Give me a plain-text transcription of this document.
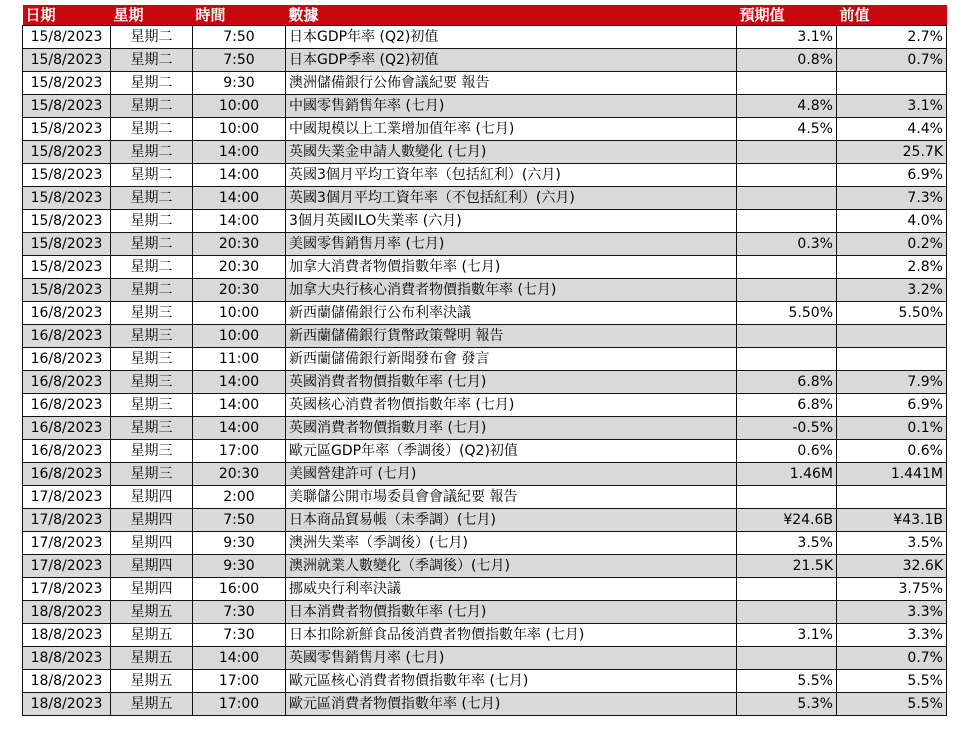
日期	星期	時間	數據	預期值	前值
15/8/2023	星期二	7:50	日本GDP年率 (Q2)初值	3.1%	2.7%
15/8/2023	星期二	7:50	日本GDP季率 (Q2)初值	0.8%	0.7%
15/8/2023	星期二	9:30	澳洲儲備銀行公佈會議紀要 報告		
15/8/2023	星期二	10:00	中國零售銷售年率 (七月)	4.8%	3.1%
15/8/2023	星期二	10:00	中國規模以上工業增加值年率 (七月)	4.5%	4.4%
15/8/2023	星期二	14:00	英國失業金申請人數變化 (七月)		25.7K
15/8/2023	星期二	14:00	英國3個月平均工資年率（包括紅利）(六月)		6.9%
15/8/2023	星期二	14:00	英國3個月平均工資年率（不包括紅利）(六月)		7.3%
15/8/2023	星期二	14:00	3個月英國ILO失業率 (六月)		4.0%
15/8/2023	星期二	20:30	美國零售銷售月率 (七月)	0.3%	0.2%
15/8/2023	星期二	20:30	加拿大消費者物價指數年率 (七月)		2.8%
15/8/2023	星期二	20:30	加拿大央行核心消費者物價指數年率 (七月)		3.2%
16/8/2023	星期三	10:00	新西蘭儲備銀行公布利率決議	5.50%	5.50%
16/8/2023	星期三	10:00	新西蘭儲備銀行貨幣政策聲明 報告		
16/8/2023	星期三	11:00	新西蘭儲備銀行新聞發布會 發言		
16/8/2023	星期三	14:00	英國消費者物價指數年率 (七月)	6.8%	7.9%
16/8/2023	星期三	14:00	英國核心消費者物價指數年率 (七月)	6.8%	6.9%
16/8/2023	星期三	14:00	英國消費者物價指數月率 (七月)	-0.5%	0.1%
16/8/2023	星期三	17:00	歐元區GDP年率（季調後）(Q2)初值	0.6%	0.6%
16/8/2023	星期三	20:30	美國營建許可 (七月)	1.46M	1.441M
17/8/2023	星期四	2:00	美聯儲公開市場委員會會議紀要 報告		
17/8/2023	星期四	7:50	日本商品貿易帳（未季調）(七月)	¥24.6B	¥43.1B
17/8/2023	星期四	9:30	澳洲失業率（季調後）(七月)	3.5%	3.5%
17/8/2023	星期四	9:30	澳洲就業人數變化（季調後）(七月)	21.5K	32.6K
17/8/2023	星期四	16:00	挪威央行利率決議		3.75%
18/8/2023	星期五	7:30	日本消費者物價指數年率 (七月)		3.3%
18/8/2023	星期五	7:30	日本扣除新鮮食品後消費者物價指數年率 (七月)	3.1%	3.3%
18/8/2023	星期五	14:00	英國零售銷售月率 (七月)		0.7%
18/8/2023	星期五	17:00	歐元區核心消費者物價指數年率 (七月)	5.5%	5.5%
18/8/2023	星期五	17:00	歐元區消費者物價指數年率 (七月)	5.3%	5.5%
